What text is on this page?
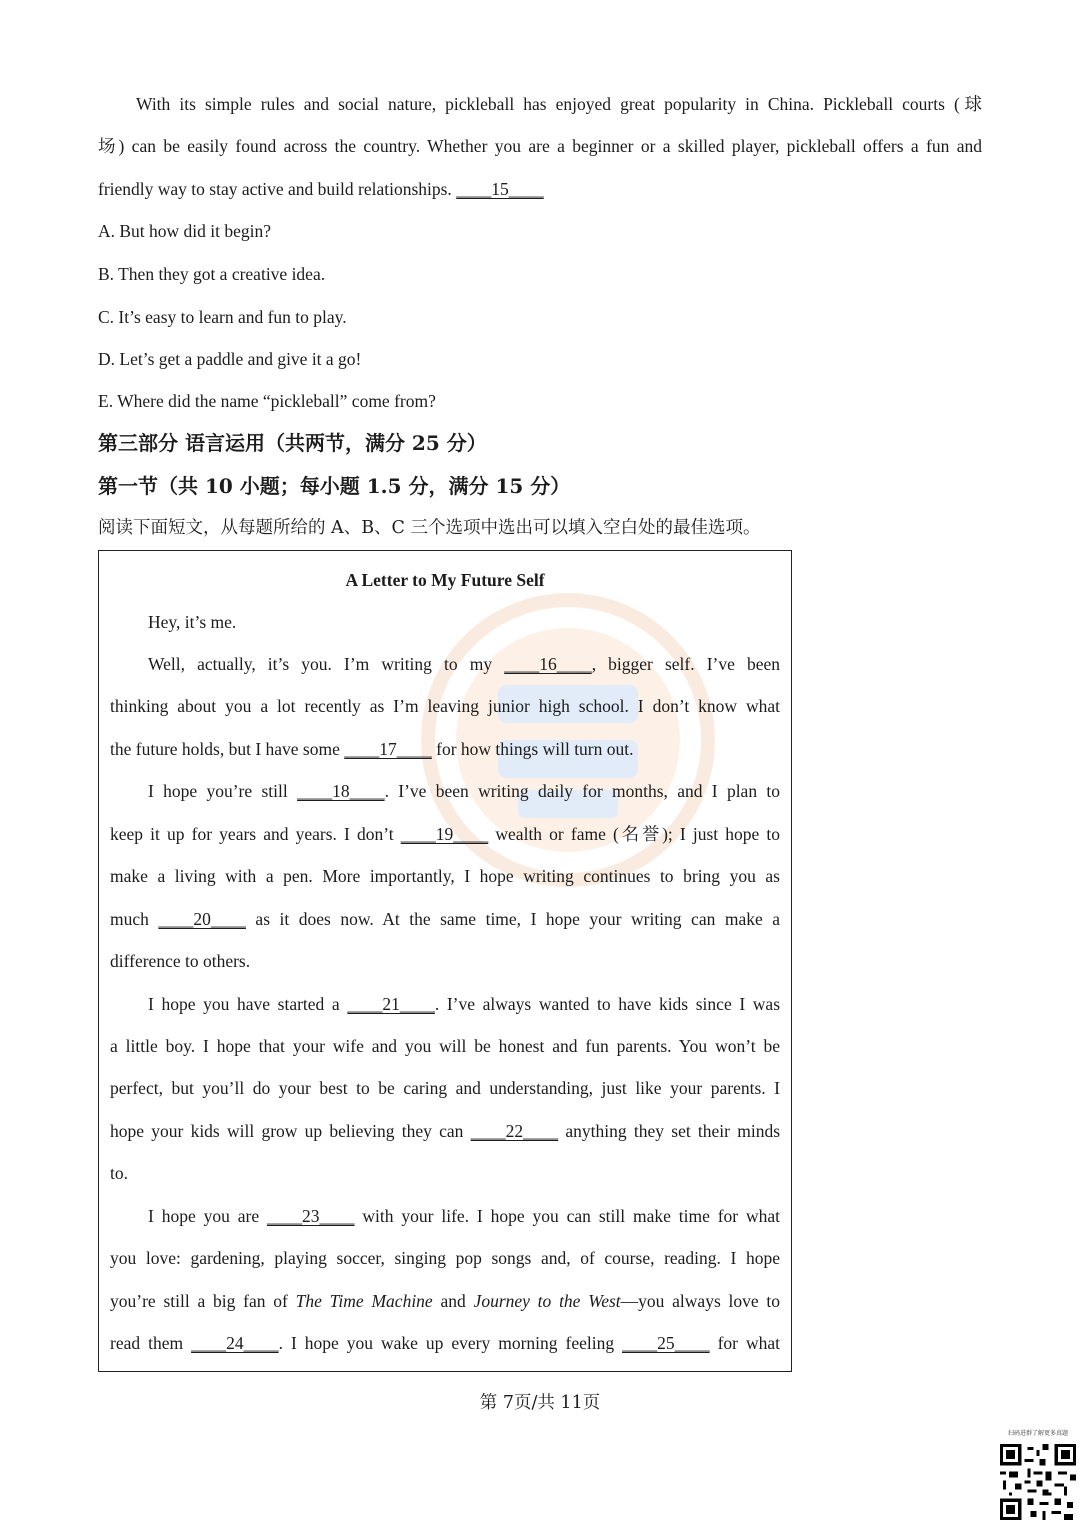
With its simple rules and social nature, pickleball has enjoyed great popularity in China. Pickleball courts (球
场) can be easily found across the country. Whether you are a beginner or a skilled player, pickleball offers a fun and
friendly way to stay active and build relationships. ____15____
A. But how did it begin?
B. Then they got a creative idea.
C. It’s easy to learn and fun to play.
D. Let’s get a paddle and give it a go!
E. Where did the name “pickleball” come from?
第三部分 语言运用（共两节，满分 25 分）
第一节（共 10 小题；每小题 1.5 分，满分 15 分）
阅读下面短文，从每题所给的 A、B、C 三个选项中选出可以填入空白处的最佳选项。
A Letter to My Future Self
Hey, it’s me.
Well, actually, it’s you. I’m writing to my ____16____, bigger self. I’ve been
thinking about you a lot recently as I’m leaving junior high school. I don’t know what
the future holds, but I have some ____17____ for how things will turn out.
I hope you’re still ____18____. I’ve been writing daily for months, and I plan to
keep it up for years and years. I don’t ____19____ wealth or fame (名誉); I just hope to
make a living with a pen. More importantly, I hope writing continues to bring you as
much ____20____ as it does now. At the same time, I hope your writing can make a
difference to others.
I hope you have started a ____21____. I’ve always wanted to have kids since I was
a little boy. I hope that your wife and you will be honest and fun parents. You won’t be
perfect, but you’ll do your best to be caring and understanding, just like your parents. I
hope your kids will grow up believing they can ____22____ anything they set their minds
to.
I hope you are ____23____ with your life. I hope you can still make time for what
you love: gardening, playing soccer, singing pop songs and, of course, reading. I hope
you’re still a big fan of The Time Machine and Journey to the West—you always love to
read them ____24____. I hope you wake up every morning feeling ____25____ for what
第 7页/共 11页
扫码进群了解更多真题
